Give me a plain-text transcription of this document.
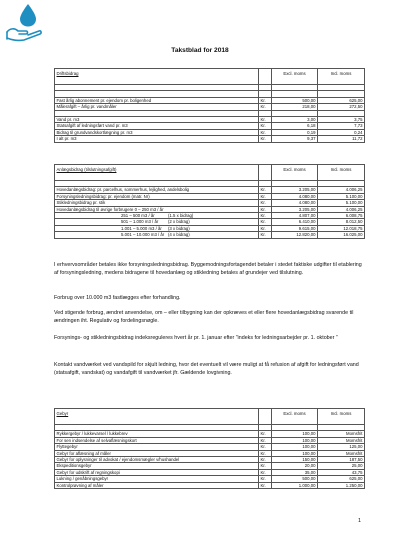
Takstblad for 2018
Driftsbidrag		Excl. moms	Incl. moms

Fast årlig abonnement pr. ejendom pr. boligenhed	Kr.	500,00	625,00
Målerafgift – årlig pr. vandmåler	Kr.	218,00	272,50

Vand pr. m3	Kr.	3,00	3,75
Statsafgift af ledningsført vand pr. m3	Kr.	6,18	7,73
Bidrag til grundvandskortlægning pr. m3	Kr.	0,19	0,24
I alt pr. m3	Kr.	9,37	11,72
Anlægsbidrag (tilslutningsafgift)		Excl. moms	Incl. moms

Hovedanlægsbidrag: pr. parcelhus, sommerhus, lejlighed, andelsbolig	Kr.	3.205,00	4.006,25
Forsyningsledningsbidrag: pr. ejendom (matr. Nr)	Kr.	4.080,00	5.100,00
Stikledningsbidrag pr. stik	Kr.	4.080,00	5.100,00
Hovedanlægsbidrag til øvrige forbrugere 0 – 250 m3 / år	Kr.	3.205,00	4.006,25
251 – 500 m3 / år (1.5 x bidrag)	Kr.	4.807,00	6.008,75
501 – 1.000 m3 / år (2 x bidrag)	Kr.	6.410,00	8.012,50
1.001 – 5.000 m3 / år (3 x bidrag)	Kr.	9.615,00	12.018,75
5.001 – 10.000 m3 / år (4 x bidrag)	Kr.	12.820,00	16.025,00
I erhvervsområder betales ikke forsyningsledningsbidrag. Byggemodningsfortagendet betaler i stedet faktiske udgifter til etablering af forsyningsledning, medens bidragene til hovedanlæg og stikledning betales af grundejer ved tilslutning.
Forbrug over 10.000 m3 fastlægges efter forhandling.
Ved stigende forbrug, ændret anvendelse, om – eller tilbygning kan der opkræves et eller flere hovedanlægsbidrag svarende til ændringen iht. Regulativ og fordelingsnøgle.
Forsynings- og stikledningsbidrag indeksreguleres hvert år pr. 1. januar efter ”indeks for ledningsarbejder pr. 1. oktober ”
Kontakt vandværket ved vandspild for skjult ledning, hvor det eventuelt vil være muligt at få refusion af afgift for ledningsført vand (statsafgift, vandskat) og vandafgift til vandværket jfr. Gældende lovgivning.
Gebyr		Excl. moms	Incl. moms

Rykkergebyr / lukkevarsel / lukkebrev	Kr.	100,00	Momsfrit
For sen indsendelse af selvaflæsningskort	Kr.	100,00	Momsfrit
Flyttegebyr	Kr.	100,00	125,00
Gebyr for aflæsning af måler	Kr.	100,00	Momsfrit
Gebyr for oplysninger til advokat / ejendomsmægler v/hushandel	Kr.	150,00	187,50
Ekspeditionsgebyr	Kr.	20,00	25,00
Gebyr for udskrift af regningskopi	Kr.	35,00	43,75
Lukning / genåbningsgebyr	Kr.	500,00	625,00
Kontrolprøvning af måler	Kr.	1.000,00	1.250,00
1
